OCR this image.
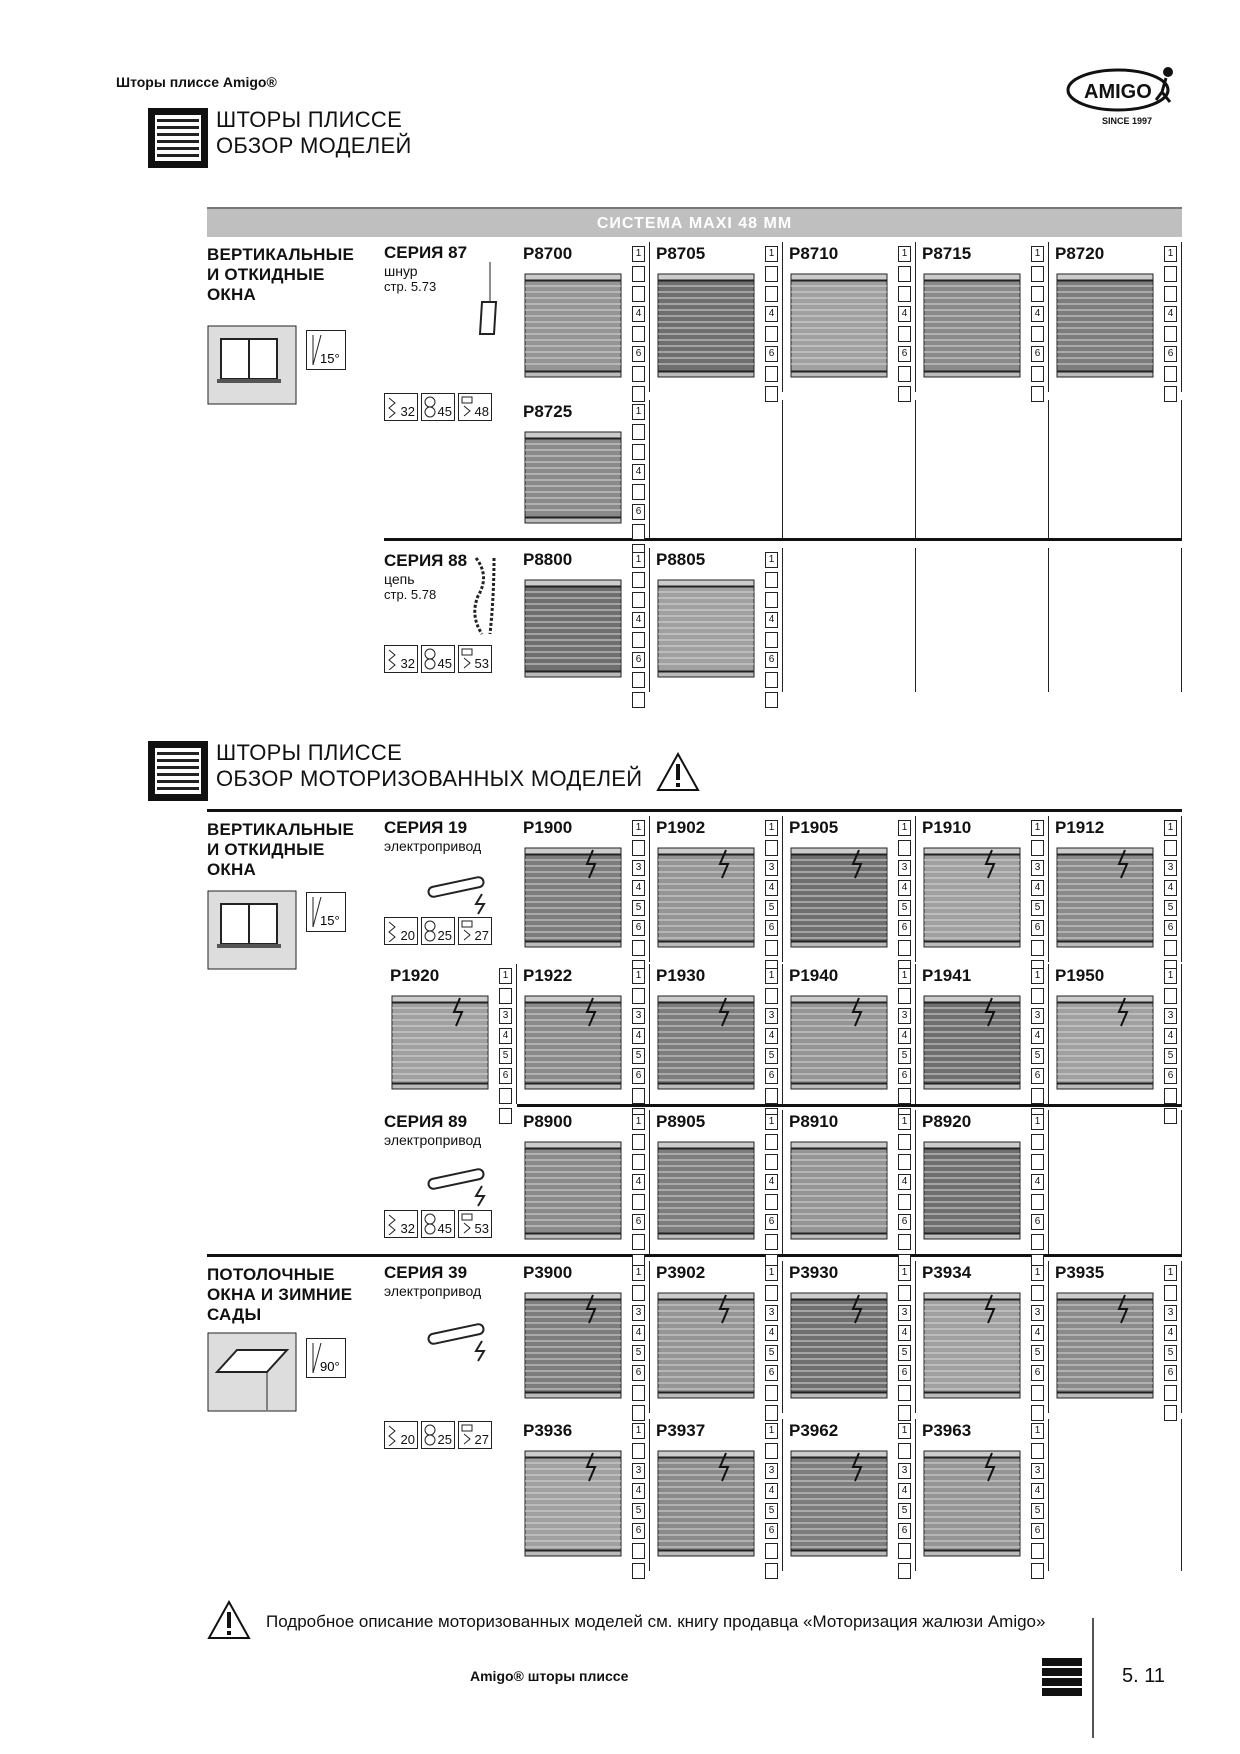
Шторы плиссе Amigo®	AMIGO
SINCE 1997
ШТОРЫ ПЛИССЕ
ОБЗОР МОДЕЛЕЙ
СИСТЕМА MAXI 48 MM
ВЕРТИКАЛЬНЫЕ
И ОТКИДНЫЕ
ОКНА
15°
СЕРИЯ 87
шнур
стр. 5.73
32 45 48
СЕРИЯ 88
цепь
стр. 5.78
32 45 53
ШТОРЫ ПЛИССЕ
ОБЗОР МОТОРИЗОВАННЫХ МОДЕЛЕЙ
ВЕРТИКАЛЬНЫЕ
И ОТКИДНЫЕ
ОКНА
15°
СЕРИЯ 19
электропривод
20 25 27
СЕРИЯ 89
электропривод
32 45 53
ПОТОЛОЧНЫЕ
ОКНА И ЗИМНИЕ
САДЫ
90°
СЕРИЯ 39
электропривод
20 25 27
P8700	1
4
6
P8705	1
4
6
P8710	1
4
6
P8715	1
4
6
P8720	1
4
6
P8725	1
4
6
P8800	1
4
6
P8805	1
4
6
P1900	1
3
4
5
6
P1902	1
3
4
5
6
P1905	1
3
4
5
6
P1910	1
3
4
5
6
P1912	1
3
4
5
6
P1920	1
3
4
5
6
P1922	1
3
4
5
6
P1930	1
3
4
5
6
P1940	1
3
4
5
6
P1941	1
3
4
5
6
P1950	1
3
4
5
6
P8900	1
4
6
P8905	1
4
6
P8910	1
4
6
P8920	1
4
6
P3900	1
3
4
5
6
P3902	1
3
4
5
6
P3930	1
3
4
5
6
P3934	1
3
4
5
6
P3935	1
3
4
5
6
P3936	1
3
4
5
6
P3937	1
3
4
5
6
P3962	1
3
4
5
6
P3963	1
3
4
5
6
Подробное описание моторизованных моделей см. книгу продавца «Моторизация жалюзи Amigo»
Amigo® шторы плиссе	5. 11
